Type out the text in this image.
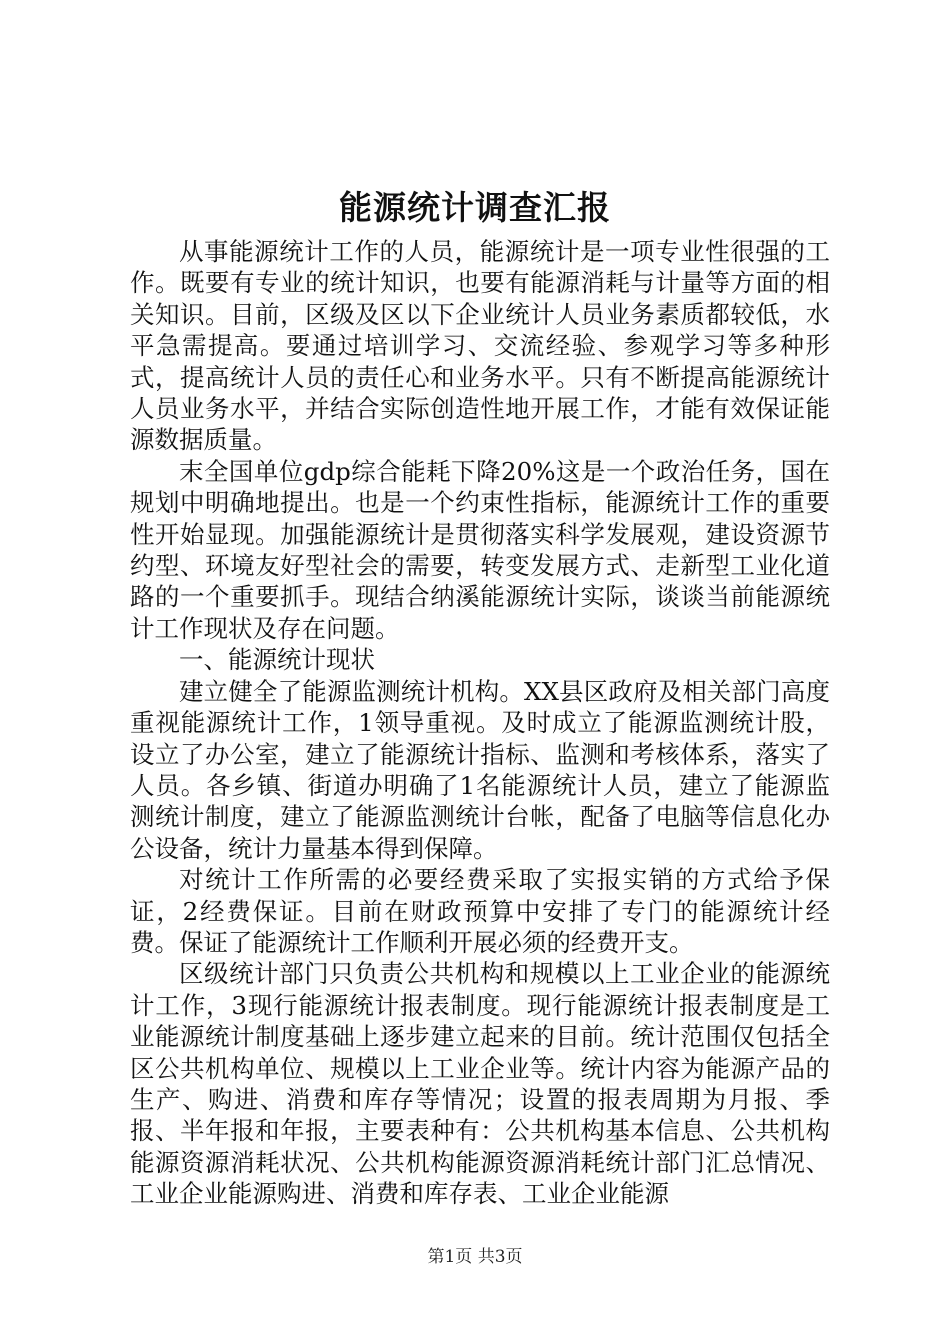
能源统计调查汇报

从事能源统计工作的人员，能源统计是一项专业性很强的工作。既要有专业的统计知识，也要有能源消耗与计量等方面的相关知识。目前，区级及区以下企业统计人员业务素质都较低，水平急需提高。要通过培训学习、交流经验、参观学习等多种形式，提高统计人员的责任心和业务水平。只有不断提高能源统计人员业务水平，并结合实际创造性地开展工作，才能有效保证能源数据质量。

末全国单位gdp综合能耗下降20%这是一个政治任务，国在规划中明确地提出。也是一个约束性指标，能源统计工作的重要性开始显现。加强能源统计是贯彻落实科学发展观，建设资源节约型、环境友好型社会的需要，转变发展方式、走新型工业化道路的一个重要抓手。现结合纳溪能源统计实际，谈谈当前能源统计工作现状及存在问题。

一、能源统计现状

建立健全了能源监测统计机构。XX县区政府及相关部门高度重视能源统计工作，1领导重视。及时成立了能源监测统计股，设立了办公室，建立了能源统计指标、监测和考核体系，落实了人员。各乡镇、街道办明确了1名能源统计人员，建立了能源监测统计制度，建立了能源监测统计台帐，配备了电脑等信息化办公设备，统计力量基本得到保障。

对统计工作所需的必要经费采取了实报实销的方式给予保证，2经费保证。目前在财政预算中安排了专门的能源统计经费。保证了能源统计工作顺利开展必须的经费开支。

区级统计部门只负责公共机构和规模以上工业企业的能源统计工作，3现行能源统计报表制度。现行能源统计报表制度是工业能源统计制度基础上逐步建立起来的目前。统计范围仅包括全区公共机构单位、规模以上工业企业等。统计内容为能源产品的生产、购进、消费和库存等情况；设置的报表周期为月报、季报、半年报和年报，主要表种有：公共机构基本信息、公共机构能源资源消耗状况、公共机构能源资源消耗统计部门汇总情况、工业企业能源购进、消费和库存表、工业企业能源

第1页 共3页
